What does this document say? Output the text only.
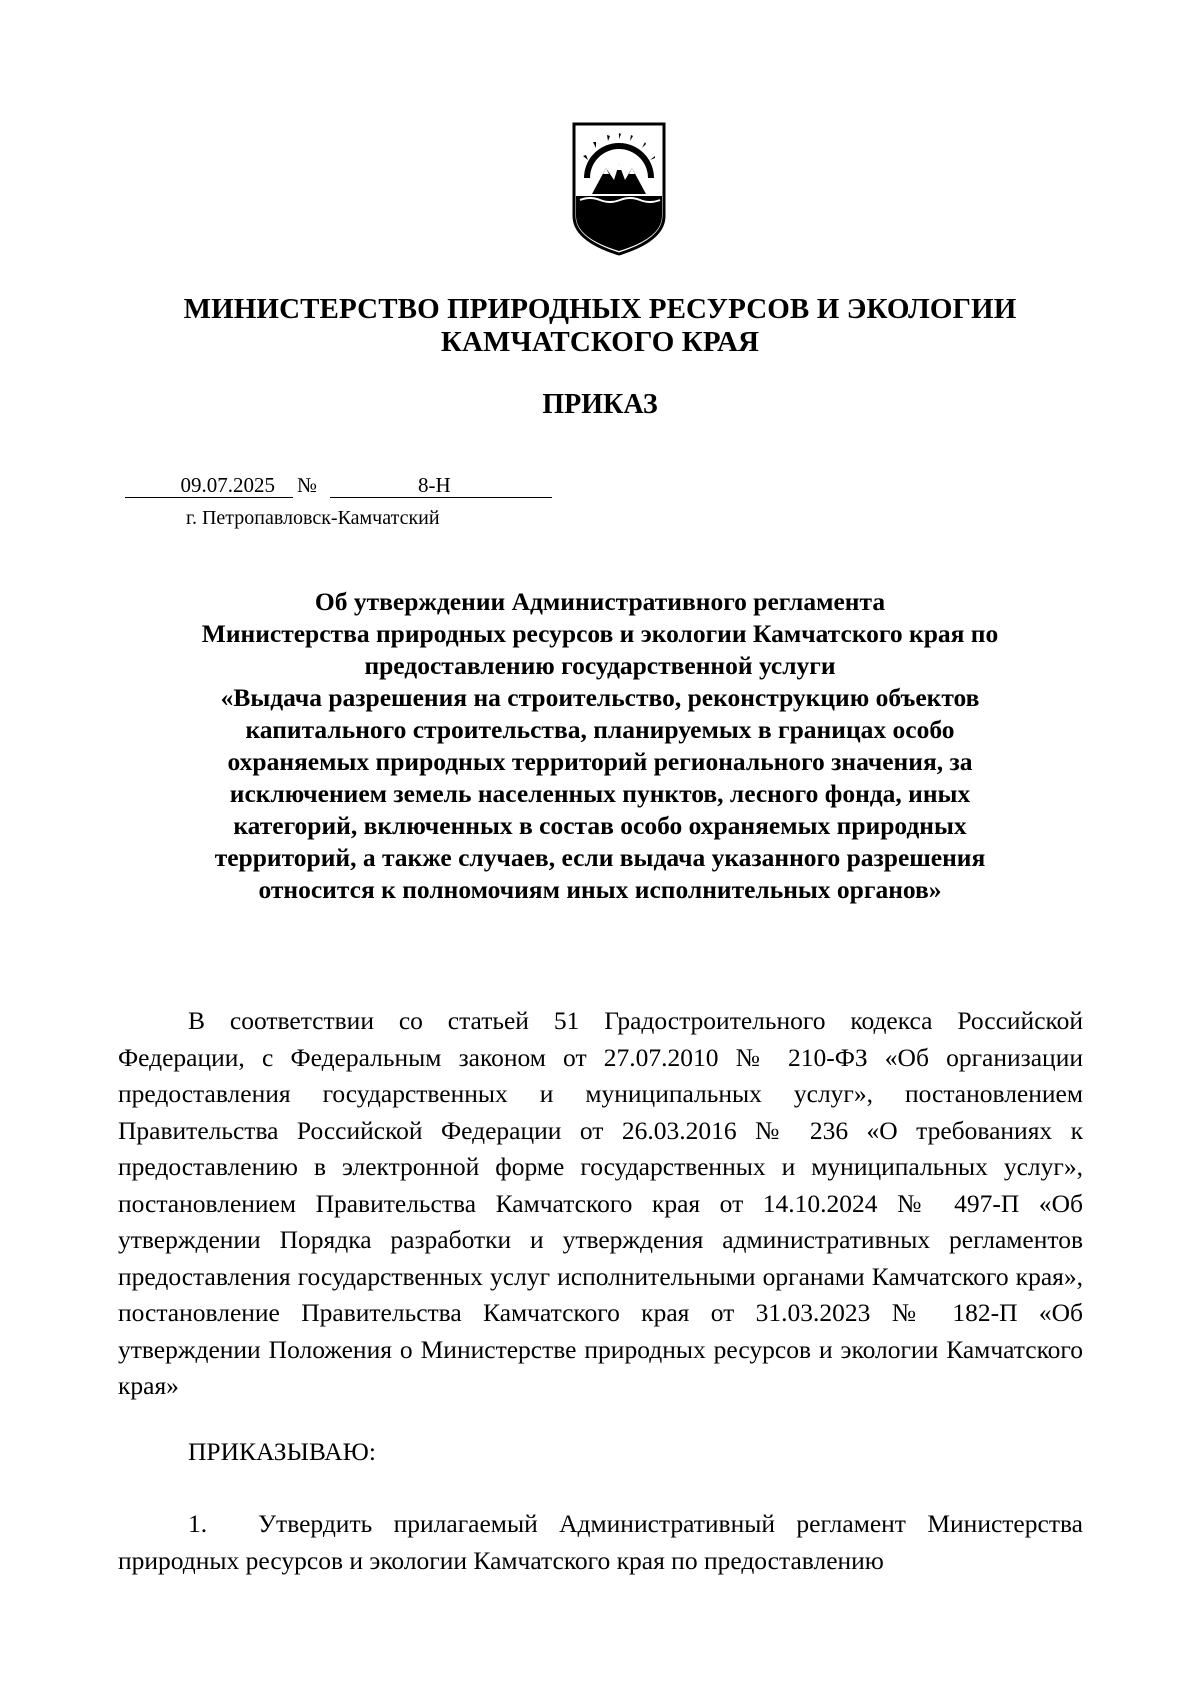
МИНИСТЕРСТВО ПРИРОДНЫХ РЕСУРСОВ И ЭКОЛОГИИ
КАМЧАТСКОГО КРАЯ
ПРИКАЗ
09.07.2025 №	8-Н
г. Петропавловск-Камчатский
Об утверждении Административного регламента
Министерства природных ресурсов и экологии Камчатского края по
предоставлению государственной услуги
«Выдача разрешения на строительство, реконструкцию объектов
капитального строительства, планируемых в границах особо
охраняемых природных территорий регионального значения, за
исключением земель населенных пунктов, лесного фонда, иных
категорий, включенных в состав особо охраняемых природных
территорий, а также случаев, если выдача указанного разрешения
относится к полномочиям иных исполнительных органов»

В соответствии со статьей 51 Градостроительного кодекса Российской Федерации, с Федеральным законом от 27.07.2010 № 210-ФЗ «Об организации предоставления государственных и муниципальных услуг», постановлением Правительства Российской Федерации от 26.03.2016 № 236 «О требованиях к предоставлению в электронной форме государственных и муниципальных услуг», постановлением Правительства Камчатского края от 14.10.2024 № 497-П «Об утверждении Порядка разработки и утверждения административных регламентов предоставления государственных услуг исполнительными органами Камчатского края», постановление Правительства Камчатского края от 31.03.2023 № 182-П «Об утверждении Положения о Министерстве природных ресурсов и экологии Камчатского края»

ПРИКАЗЫВАЮ:

1. Утвердить прилагаемый Административный регламент Министерства природных ресурсов и экологии Камчатского края по предоставлению
